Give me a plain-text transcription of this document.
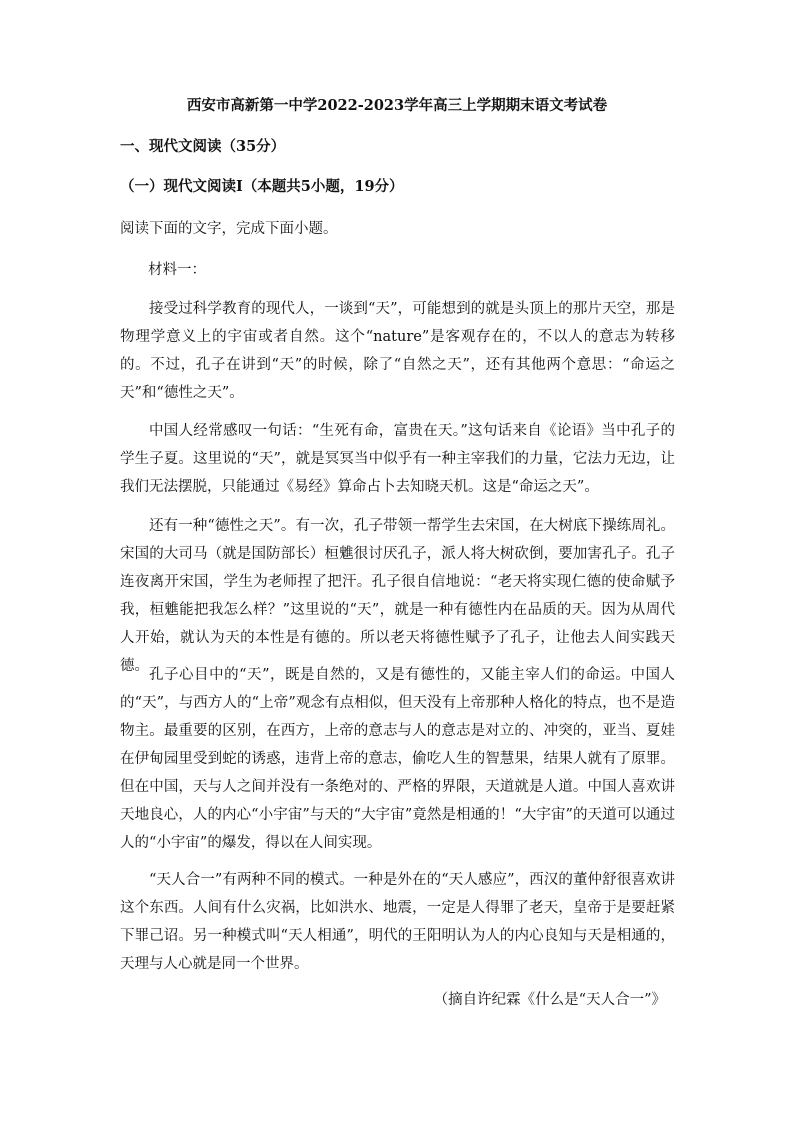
西安市高新第一中学2022-2023学年高三上学期期末语文考试卷
一、现代文阅读（35分）
（一）现代文阅读Ⅰ（本题共5小题，19分）
阅读下面的文字，完成下面小题。
材料一：

接受过科学教育的现代人，一谈到“天”，可能想到的就是头顶上的那片天空，那是物理学意义上的宇宙或者自然。这个“nature”是客观存在的，不以人的意志为转移的。不过，孔子在讲到“天”的时候，除了“自然之天”，还有其他两个意思：“命运之天”和“德性之天”。

中国人经常感叹一句话：“生死有命，富贵在天。”这句话来自《论语》当中孔子的学生子夏。这里说的“天”，就是冥冥当中似乎有一种主宰我们的力量，它法力无边，让我们无法摆脱，只能通过《易经》算命占卜去知晓天机。这是“命运之天”。

还有一种“德性之天”。有一次，孔子带领一帮学生去宋国，在大树底下操练周礼。宋国的大司马（就是国防部长）桓魋很讨厌孔子，派人将大树砍倒，要加害孔子。孔子连夜离开宋国，学生为老师捏了把汗。孔子很自信地说：“老天将实现仁德的使命赋予我，桓魋能把我怎么样？”这里说的“天”，就是一种有德性内在品质的天。因为从周代人开始，就认为天的本性是有德的。所以老天将德性赋予了孔子，让他去人间实践天德。

孔子心目中的“天”，既是自然的，又是有德性的，又能主宰人们的命运。中国人的“天”，与西方人的“上帝”观念有点相似，但天没有上帝那种人格化的特点，也不是造物主。最重要的区别，在西方，上帝的意志与人的意志是对立的、冲突的，亚当、夏娃在伊甸园里受到蛇的诱惑，违背上帝的意志，偷吃人生的智慧果，结果人就有了原罪。但在中国，天与人之间并没有一条绝对的、严格的界限，天道就是人道。中国人喜欢讲天地良心，人的内心“小宇宙”与天的“大宇宙”竟然是相通的！“大宇宙”的天道可以通过人的“小宇宙”的爆发，得以在人间实现。

“天人合一”有两种不同的模式。一种是外在的“天人感应”，西汉的董仲舒很喜欢讲这个东西。人间有什么灾祸，比如洪水、地震，一定是人得罪了老天，皇帝于是要赶紧下罪己诏。另一种模式叫“天人相通”，明代的王阳明认为人的内心良知与天是相通的，天理与人心就是同一个世界。

（摘自许纪霖《什么是“天人合一”》
